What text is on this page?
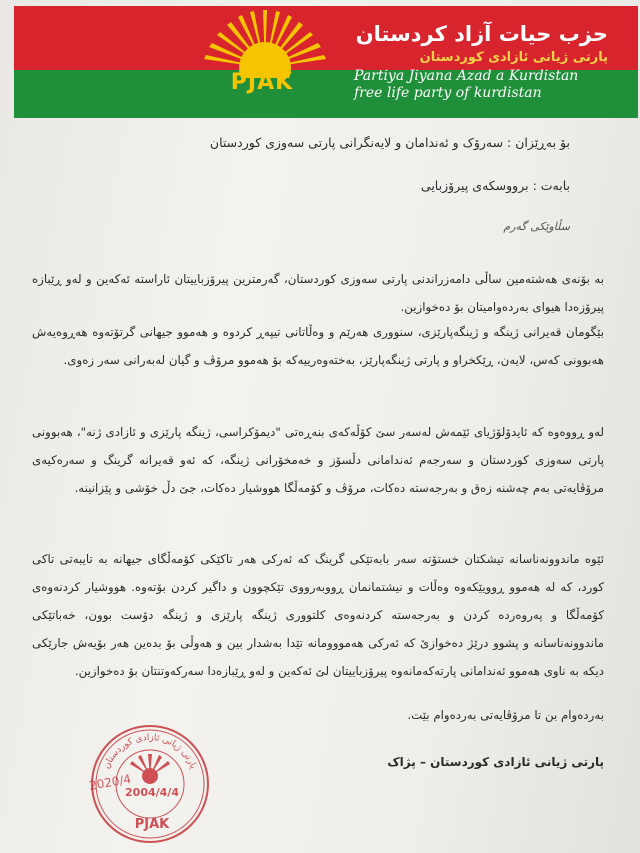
PJAK
حزب حیات آزاد کردستان
پارتی ژیانی ئازادی کوردستان
Partiya Jiyana Azad a Kurdistan
free life party of kurdistan
بۆ بەڕێزان : سەرۆک و ئەندامان و لایەنگرانی پارتی سەوزی کوردستان
بابەت : برووسکەی پیرۆزبایی
سڵاوێکی گەرم
بە بۆنەی هەشتەمین ساڵی دامەزراندنی پارتی سەوزی کوردستان، گەرمترین پیرۆزباییتان ئاراستە ئەکەین و لەو ڕێبازە پیرۆزەدا هیوای بەردەوامیتان بۆ دەخوازین.
بێگومان قەیرانی ژینگە و ژینگەپارێزی، سنووری هەرێم و وەڵاتانی تیپەڕ کردوە و هەموو جیهانی گرتۆتەوە هەڕوەیەش هەبوونی کەس، لایەن، ڕێکخراو و پارتی ژینگەپارێز، بەختەوەرییەکە بۆ هەموو مرۆڤ و گیان لەبەرانی سەر زەوی.
لەو ڕووەوە کە ئایدۆلۆژیای ئێمەش لەسەر سێ کۆڵەکەی بنەڕەتی "دیمۆکراسی، ژینگە پارێزی و ئازادی ژنە"، هەبوونی پارتی سەوزی کوردستان و سەرجەم ئەندامانی دڵسۆز و خەمخۆرانی ژینگە، کە ئەو قەیرانە گرینگ و سەرەکیەی مرۆڤایەتی بەم چەشنە زەق و بەرجەستە دەکات، مرۆڤ و کۆمەڵگا هووشیار دەکات، جێ دڵ خۆشی و پێزانینە.
ئێوە ماندوونەناسانە تیشکتان خستۆتە سەر بابەتێکی گرینگ کە ئەرکی هەر تاکێکی کۆمەڵگای جیهانە بە تایبەتی تاکی کورد، کە لە هەموو ڕوویێکەوە وەڵات و نیشتمانمان ڕووبەرووی تێکچوون و داگیر کردن بۆتەوە. هووشیار کردنەوەی کۆمەڵگا و پەروەردە کردن و بەرجەستە کردنەوەی کلتووری ژینگە پارێزی و ژینگە دۆست بوون، خەباتێکی ماندوونەناسانە و پشوو درێژ دەخوازێ کە ئەرکی هەمووومانە تێدا بەشدار بین و هەوڵی بۆ بدەین هەر بۆیەش جارێکی دیکە بە ناوی هەموو ئەندامانی پارتەکەمانەوە پیرۆزباییتان لێ ئەکەین و لەو ڕێبازەدا سەرکەوتنتان بۆ دەخوازین.
بەردەوام بن تا مرۆڤایەتی بەردەوام بێت.
پارتی ژیانی ئازادی کوردستان – پژاک
پارتی ژیانی ئازادی کوردستان
2004/4/4
PJAK
2020/4
